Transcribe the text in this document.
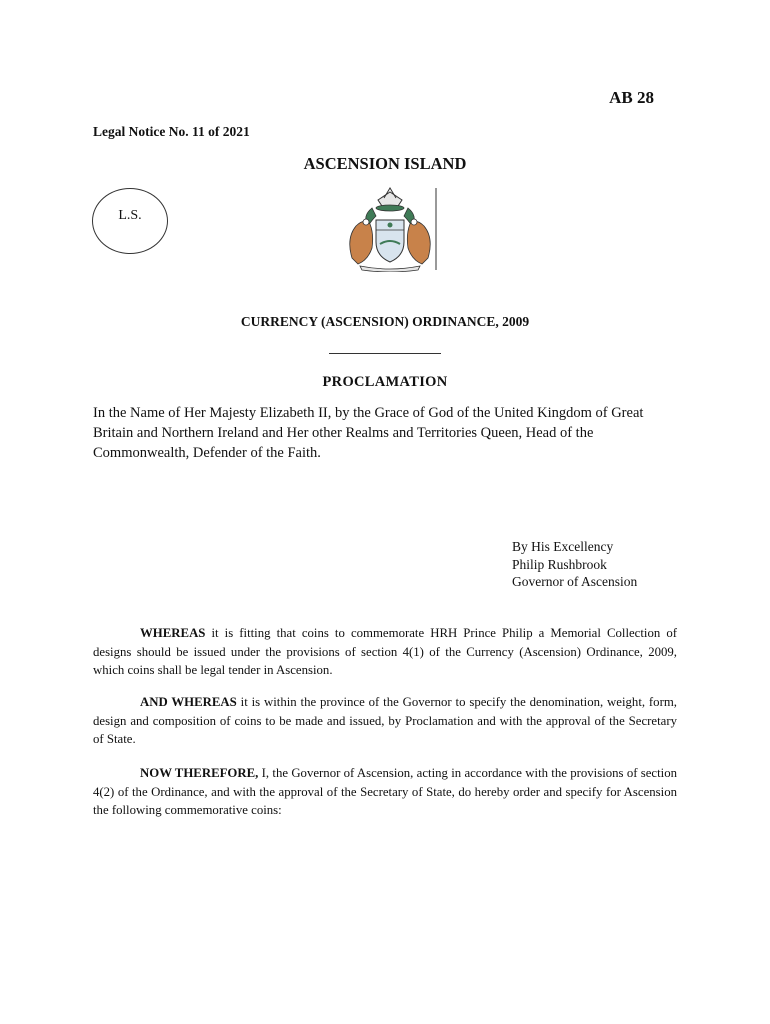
AB 28
Legal Notice No. 11 of 2021
ASCENSION ISLAND
L.S.
CURRENCY (ASCENSION) ORDINANCE, 2009
PROCLAMATION
In the Name of Her Majesty Elizabeth II, by the Grace of God of the United Kingdom of Great Britain and Northern Ireland and Her other Realms and Territories Queen, Head of the Commonwealth, Defender of the Faith.
By His Excellency
Philip Rushbrook
Governor of Ascension

WHEREAS it is fitting that coins to commemorate HRH Prince Philip a Memorial Collection of designs should be issued under the provisions of section 4(1) of the Currency (Ascension) Ordinance, 2009, which coins shall be legal tender in Ascension.

AND WHEREAS it is within the province of the Governor to specify the denomination, weight, form, design and composition of coins to be made and issued, by Proclamation and with the approval of the Secretary of State.

NOW THEREFORE, I, the Governor of Ascension, acting in accordance with the provisions of section 4(2) of the Ordinance, and with the approval of the Secretary of State, do hereby order and specify for Ascension the following commemorative coins:
